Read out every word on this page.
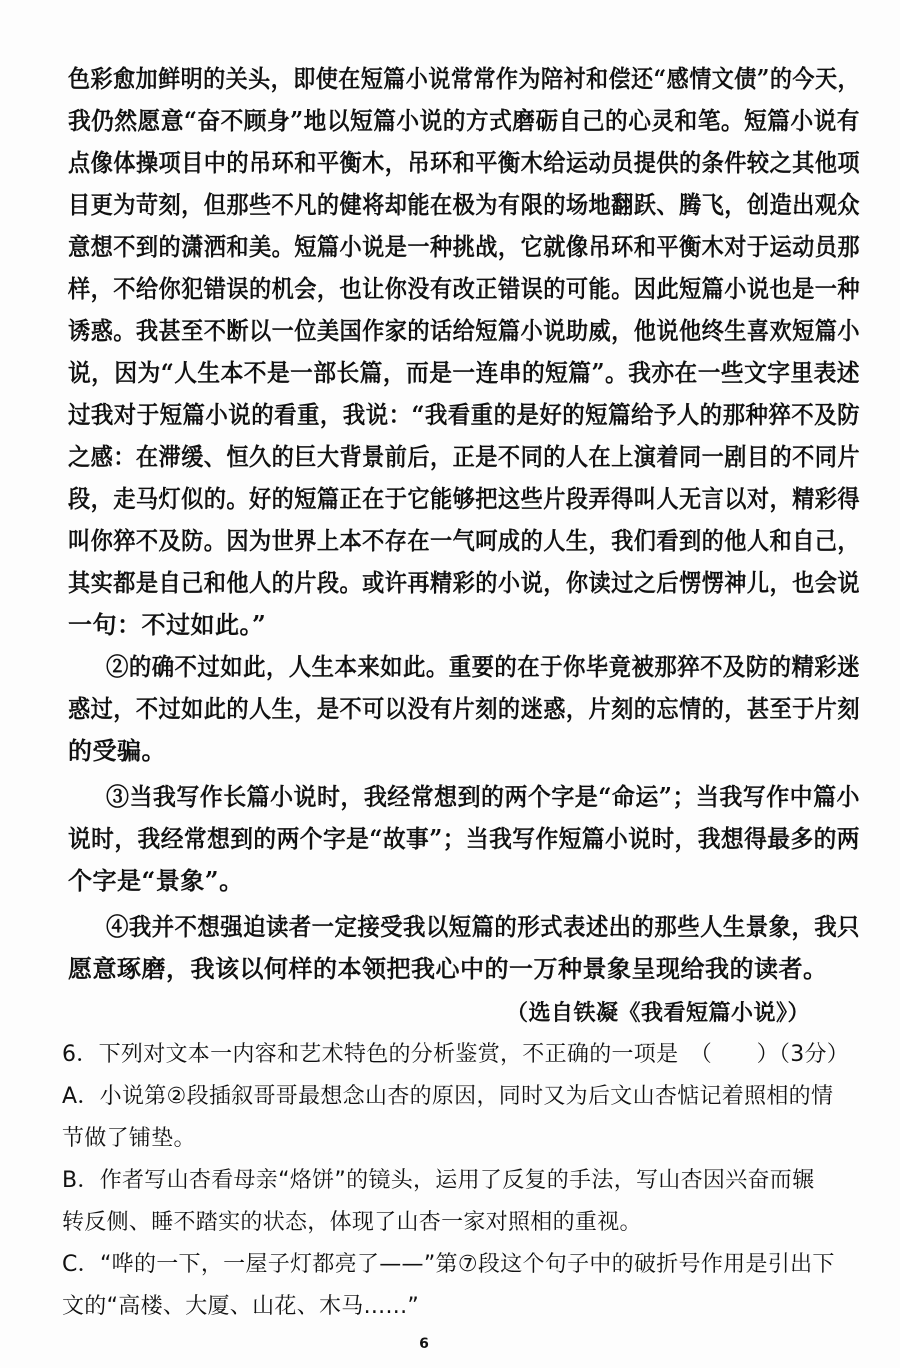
色彩愈加鲜明的关头，即使在短篇小说常常作为陪衬和偿还“感情文债”的今天，
我仍然愿意“奋不顾身”地以短篇小说的方式磨砺自己的心灵和笔。短篇小说有
点像体操项目中的吊环和平衡木，吊环和平衡木给运动员提供的条件较之其他项
目更为苛刻，但那些不凡的健将却能在极为有限的场地翻跃、腾飞，创造出观众
意想不到的潇洒和美。短篇小说是一种挑战，它就像吊环和平衡木对于运动员那
样，不给你犯错误的机会，也让你没有改正错误的可能。因此短篇小说也是一种
诱惑。我甚至不断以一位美国作家的话给短篇小说助威，他说他终生喜欢短篇小
说，因为“人生本不是一部长篇，而是一连串的短篇”。我亦在一些文字里表述
过我对于短篇小说的看重，我说：“我看重的是好的短篇给予人的那种猝不及防
之感：在滞缓、恒久的巨大背景前后，正是不同的人在上演着同一剧目的不同片
段，走马灯似的。好的短篇正在于它能够把这些片段弄得叫人无言以对，精彩得
叫你猝不及防。因为世界上本不存在一气呵成的人生，我们看到的他人和自己，
其实都是自己和他人的片段。或许再精彩的小说，你读过之后愣愣神儿，也会说
一句：不过如此。”
②的确不过如此，人生本来如此。重要的在于你毕竟被那猝不及防的精彩迷
惑过，不过如此的人生，是不可以没有片刻的迷惑，片刻的忘情的，甚至于片刻
的受骗。
③当我写作长篇小说时，我经常想到的两个字是“命运”；当我写作中篇小
说时，我经常想到的两个字是“故事”；当我写作短篇小说时，我想得最多的两
个字是“景象”。
④我并不想强迫读者一定接受我以短篇的形式表述出的那些人生景象，我只
愿意琢磨，我该以何样的本领把我心中的一万种景象呈现给我的读者。
（选自铁凝《我看短篇小说》）
6．下列对文本一内容和艺术特色的分析鉴赏，不正确的一项是　（　　）（3分）
A．小说第②段插叙哥哥最想念山杏的原因，同时又为后文山杏惦记着照相的情
节做了铺垫。
B．作者写山杏看母亲“烙饼”的镜头，运用了反复的手法，写山杏因兴奋而辗
转反侧、睡不踏实的状态，体现了山杏一家对照相的重视。
C．“哗的一下，一屋子灯都亮了——”第⑦段这个句子中的破折号作用是引出下
文的“高楼、大厦、山花、木马......”
6
